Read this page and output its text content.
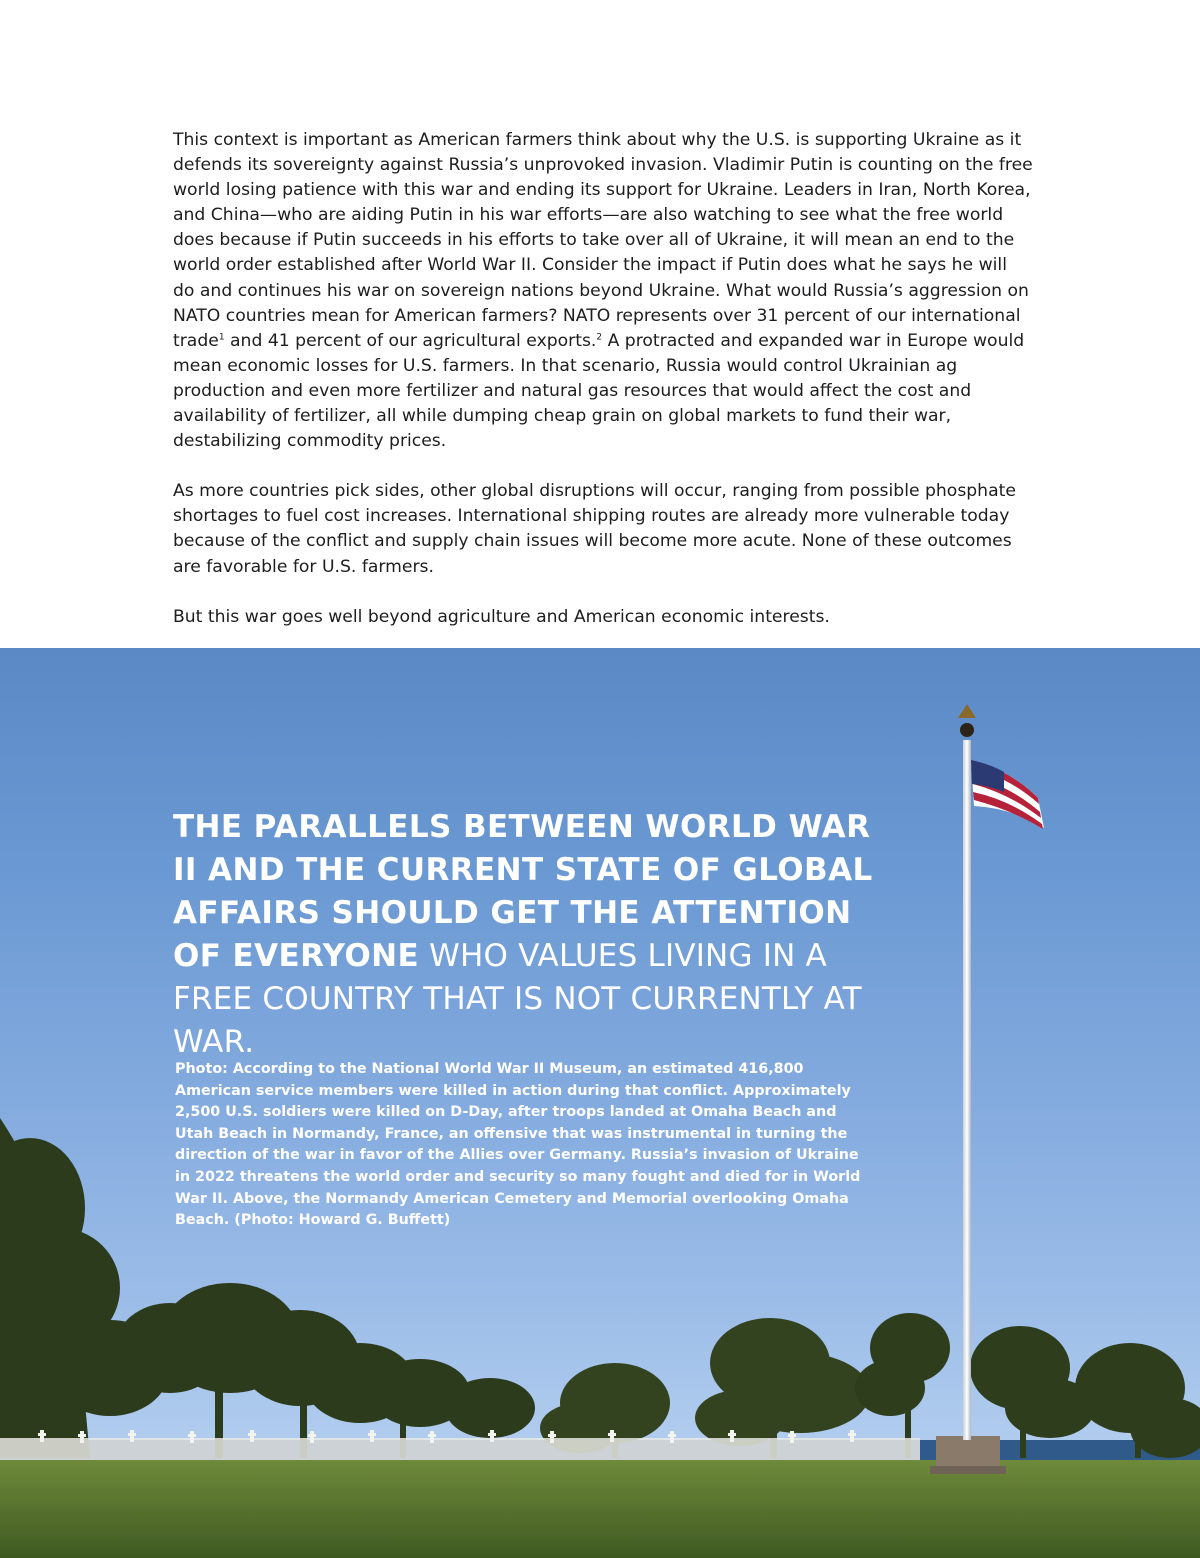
This context is important as American farmers think about why the U.S. is supporting Ukraine as it defends its sovereignty against Russia’s unprovoked invasion. Vladimir Putin is counting on the free world losing patience with this war and ending its support for Ukraine. Leaders in Iran, North Korea, and China—who are aiding Putin in his war efforts—are also watching to see what the free world does because if Putin succeeds in his efforts to take over all of Ukraine, it will mean an end to the world order established after World War II. Consider the impact if Putin does what he says he will do and continues his war on sovereign nations beyond Ukraine. What would Russia’s aggression on NATO countries mean for American farmers? NATO represents over 31 percent of our international trade$^1$ and 41 percent of our agricultural exports.$^2$ A protracted and expanded war in Europe would mean economic losses for U.S. farmers. In that scenario, Russia would control Ukrainian ag production and even more fertilizer and natural gas resources that would affect the cost and availability of fertilizer, all while dumping cheap grain on global markets to fund their war, destabilizing commodity prices.

As more countries pick sides, other global disruptions will occur, ranging from possible phosphate shortages to fuel cost increases. International shipping routes are already more vulnerable today because of the conflict and supply chain issues will become more acute. None of these outcomes are favorable for U.S. farmers.

But this war goes well beyond agriculture and American economic interests.

THE PARALLELS BETWEEN WORLD WAR II AND THE CURRENT STATE OF GLOBAL AFFAIRS SHOULD GET THE ATTENTION OF EVERYONE WHO VALUES LIVING IN A FREE COUNTRY THAT IS NOT CURRENTLY AT WAR.
Photo: According to the National World War II Museum, an estimated 416,800 American service members were killed in action during that conflict. Approximately 2,500 U.S. soldiers were killed on D-Day, after troops landed at Omaha Beach and Utah Beach in Normandy, France, an offensive that was instrumental in turning the direction of the war in favor of the Allies over Germany. Russia’s invasion of Ukraine in 2022 threatens the world order and security so many fought and died for in World War II. Above, the Normandy American Cemetery and Memorial overlooking Omaha Beach. (Photo: Howard G. Buffett)
